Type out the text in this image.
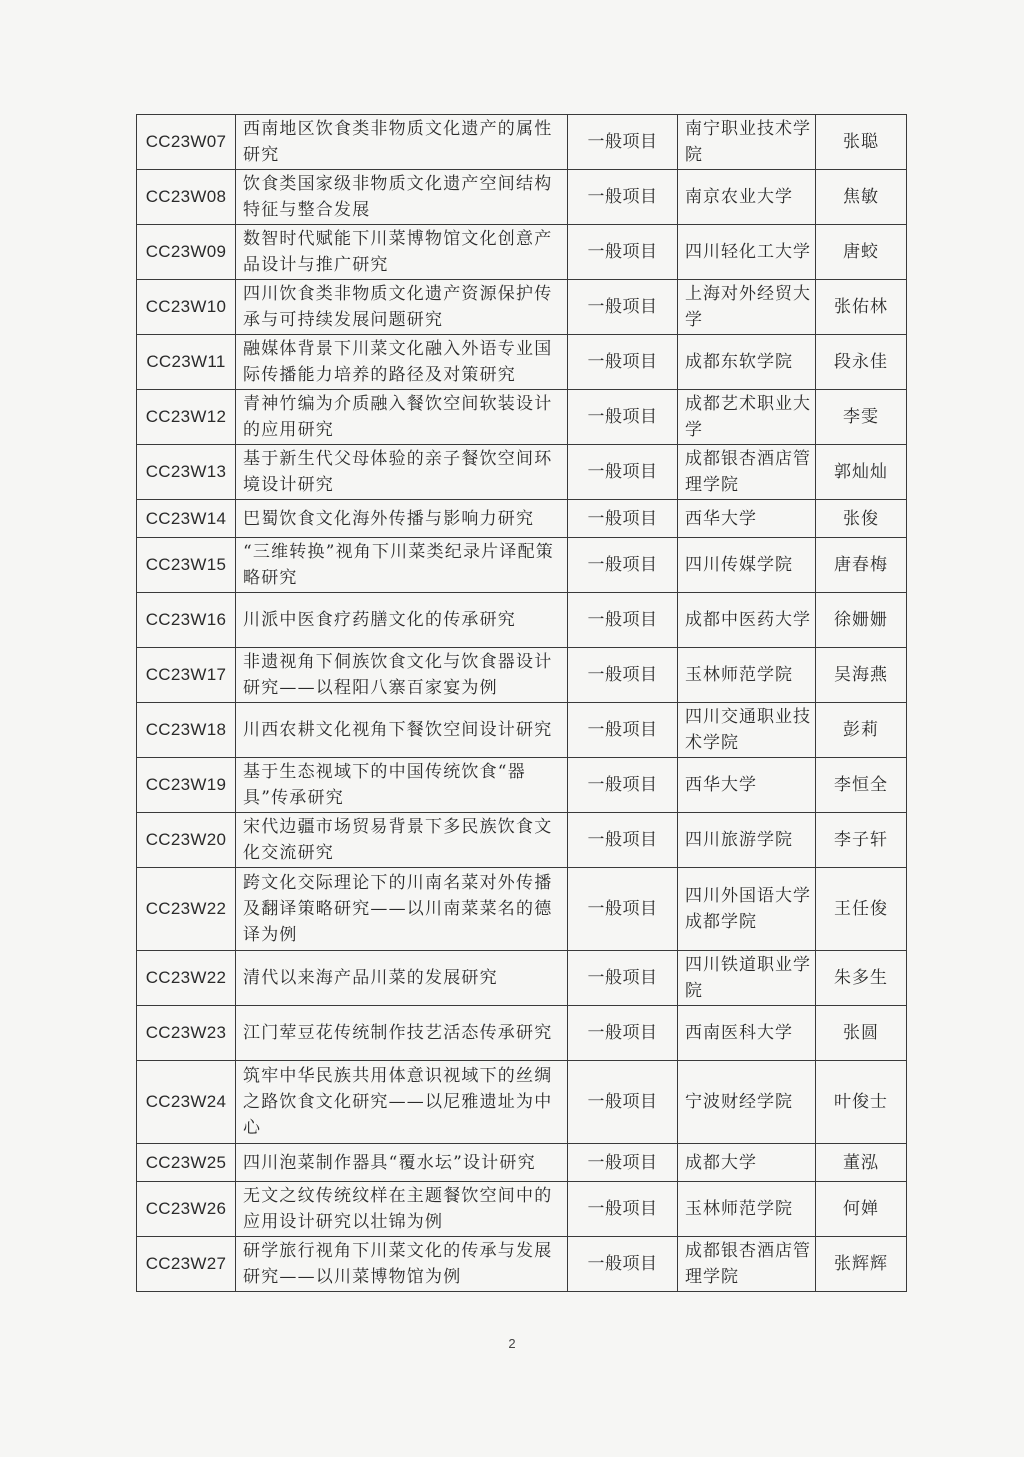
CC23W07	西南地区饮食类非物质文化遗产的属性研究	一般项目	南宁职业技术学院	张聪
CC23W08	饮食类国家级非物质文化遗产空间结构特征与整合发展	一般项目	南京农业大学	焦敏
CC23W09	数智时代赋能下川菜博物馆文化创意产品设计与推广研究	一般项目	四川轻化工大学	唐蛟
CC23W10	四川饮食类非物质文化遗产资源保护传承与可持续发展问题研究	一般项目	上海对外经贸大学	张佑林
CC23W11	融媒体背景下川菜文化融入外语专业国际传播能力培养的路径及对策研究	一般项目	成都东软学院	段永佳
CC23W12	青神竹编为介质融入餐饮空间软装设计的应用研究	一般项目	成都艺术职业大学	李雯
CC23W13	基于新生代父母体验的亲子餐饮空间环境设计研究	一般项目	成都银杏酒店管理学院	郭灿灿
CC23W14	巴蜀饮食文化海外传播与影响力研究	一般项目	西华大学	张俊
CC23W15	“三维转换”视角下川菜类纪录片译配策略研究	一般项目	四川传媒学院	唐春梅
CC23W16	川派中医食疗药膳文化的传承研究	一般项目	成都中医药大学	徐姗姗
CC23W17	非遗视角下侗族饮食文化与饮食器设计研究——以程阳八寨百家宴为例	一般项目	玉林师范学院	吴海燕
CC23W18	川西农耕文化视角下餐饮空间设计研究	一般项目	四川交通职业技术学院	彭莉
CC23W19	基于生态视域下的中国传统饮食“器具”传承研究	一般项目	西华大学	李恒全
CC23W20	宋代边疆市场贸易背景下多民族饮食文化交流研究	一般项目	四川旅游学院	李子轩
CC23W22	跨文化交际理论下的川南名菜对外传播及翻译策略研究——以川南菜菜名的德译为例	一般项目	四川外国语大学成都学院	王任俊
CC23W22	清代以来海产品川菜的发展研究	一般项目	四川铁道职业学院	朱多生
CC23W23	江门荤豆花传统制作技艺活态传承研究	一般项目	西南医科大学	张圆
CC23W24	筑牢中华民族共用体意识视域下的丝绸之路饮食文化研究——以尼雅遗址为中心	一般项目	宁波财经学院	叶俊士
CC23W25	四川泡菜制作器具“覆水坛”设计研究	一般项目	成都大学	董泓
CC23W26	无文之纹传统纹样在主题餐饮空间中的应用设计研究以壮锦为例	一般项目	玉林师范学院	何婵
CC23W27	研学旅行视角下川菜文化的传承与发展研究——以川菜博物馆为例	一般项目	成都银杏酒店管理学院	张辉辉
2
